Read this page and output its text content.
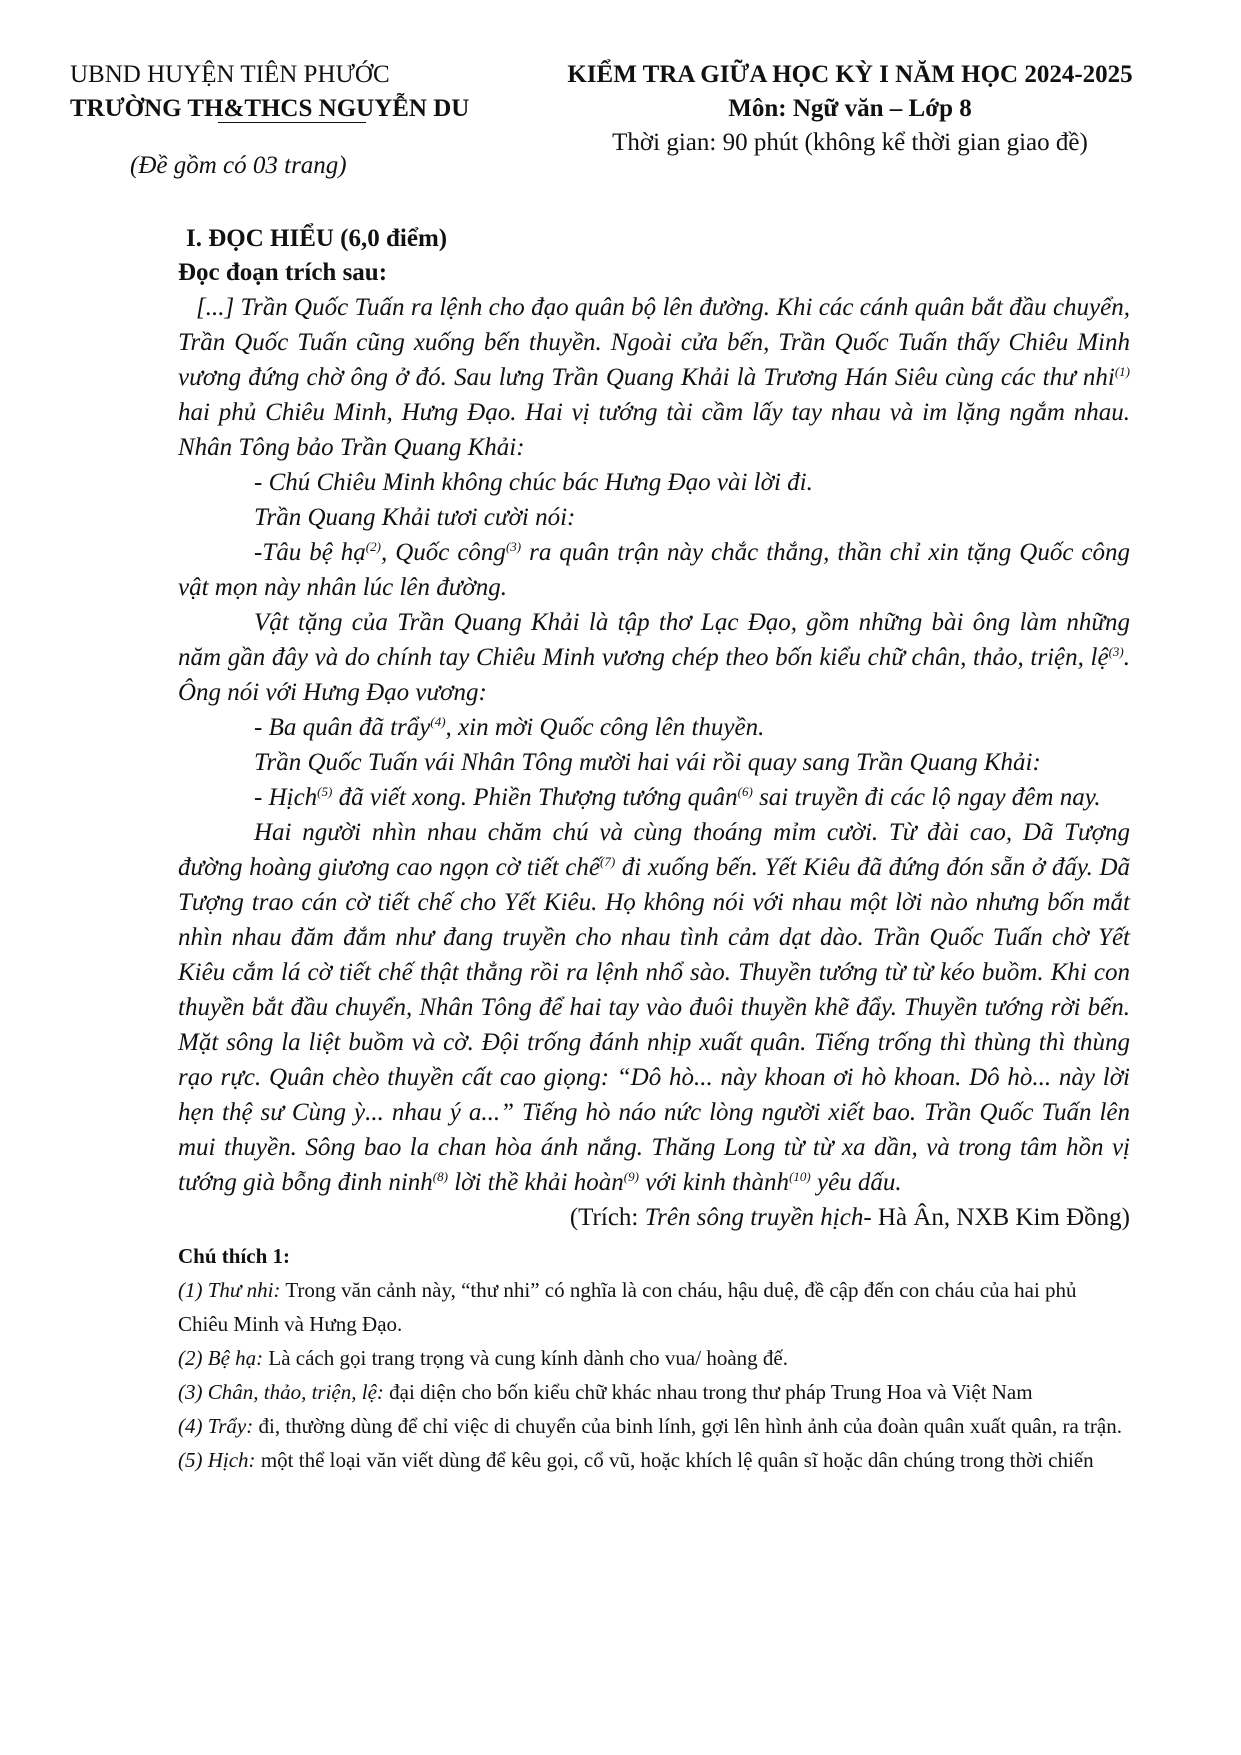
UBND HUYỆN TIÊN PHƯỚC
TRƯỜNG TH&THCS NGUYỄN DU
KIỂM TRA GIỮA HỌC KỲ I NĂM HỌC 2024-2025
Môn: Ngữ văn – Lớp 8
Thời gian: 90 phút (không kể thời gian giao đề)
(Đề gồm có 03 trang)
I. ĐỌC HIỂU (6,0 điểm)
Đọc đoạn trích sau:

[...] Trần Quốc Tuấn ra lệnh cho đạo quân bộ lên đường. Khi các cánh quân bắt đầu chuyển, Trần Quốc Tuấn cũng xuống bến thuyền. Ngoài cửa bến, Trần Quốc Tuấn thấy Chiêu Minh vương đứng chờ ông ở đó. Sau lưng Trần Quang Khải là Trương Hán Siêu cùng các thư nhi$^{(1)}$ hai phủ Chiêu Minh, Hưng Đạo. Hai vị tướng tài cầm lấy tay nhau và im lặng ngắm nhau. Nhân Tông bảo Trần Quang Khải:

- Chú Chiêu Minh không chúc bác Hưng Đạo vài lời đi.

Trần Quang Khải tươi cười nói:

-Tâu bệ hạ$^{(2)}$, Quốc công$^{(3)}$ ra quân trận này chắc thắng, thần chỉ xin tặng Quốc công vật mọn này nhân lúc lên đường.

Vật tặng của Trần Quang Khải là tập thơ Lạc Đạo, gồm những bài ông làm những năm gần đây và do chính tay Chiêu Minh vương chép theo bốn kiểu chữ chân, thảo, triện, lệ$^{(3)}$. Ông nói với Hưng Đạo vương:

- Ba quân đã trẩy$^{(4)}$, xin mời Quốc công lên thuyền.

Trần Quốc Tuấn vái Nhân Tông mười hai vái rồi quay sang Trần Quang Khải:

- Hịch$^{(5)}$ đã viết xong. Phiền Thượng tướng quân$^{(6)}$ sai truyền đi các lộ ngay đêm nay.

Hai người nhìn nhau chăm chú và cùng thoáng mỉm cười. Từ đài cao, Dã Tượng đường hoàng giương cao ngọn cờ tiết chế$^{(7)}$ đi xuống bến. Yết Kiêu đã đứng đón sẵn ở đấy. Dã Tượng trao cán cờ tiết chế cho Yết Kiêu. Họ không nói với nhau một lời nào nhưng bốn mắt nhìn nhau đăm đắm như đang truyền cho nhau tình cảm dạt dào. Trần Quốc Tuấn chờ Yết Kiêu cắm lá cờ tiết chế thật thẳng rồi ra lệnh nhổ sào. Thuyền tướng từ từ kéo buồm. Khi con thuyền bắt đầu chuyển, Nhân Tông để hai tay vào đuôi thuyền khẽ đẩy. Thuyền tướng rời bến. Mặt sông la liệt buồm và cờ. Đội trống đánh nhịp xuất quân. Tiếng trống thì thùng thì thùng rạo rực. Quân chèo thuyền cất cao giọng: “Dô hò... này khoan ơi hò khoan. Dô hò... này lời hẹn thệ sư Cùng ỳ... nhau ý a...” Tiếng hò náo nức lòng người xiết bao. Trần Quốc Tuấn lên mui thuyền. Sông bao la chan hòa ánh nắng. Thăng Long từ từ xa dần, và trong tâm hồn vị tướng già bỗng đinh ninh$^{(8)}$ lời thề khải hoàn$^{(9)}$ với kinh thành$^{(10)}$ yêu dấu.

(Trích: Trên sông truyền hịch- Hà Ân, NXB Kim Đồng)
Chú thích 1:

(1) Thư nhi: Trong văn cảnh này, “thư nhi” có nghĩa là con cháu, hậu duệ, đề cập đến con cháu của hai phủ Chiêu Minh và Hưng Đạo.

(2) Bệ hạ: Là cách gọi trang trọng và cung kính dành cho vua/ hoàng đế.

(3) Chân, thảo, triện, lệ: đại diện cho bốn kiểu chữ khác nhau trong thư pháp Trung Hoa và Việt Nam

(4) Trẩy: đi, thường dùng để chỉ việc di chuyển của binh lính, gợi lên hình ảnh của đoàn quân xuất quân, ra trận.

(5) Hịch: một thể loại văn viết dùng để kêu gọi, cổ vũ, hoặc khích lệ quân sĩ hoặc dân chúng trong thời chiến
